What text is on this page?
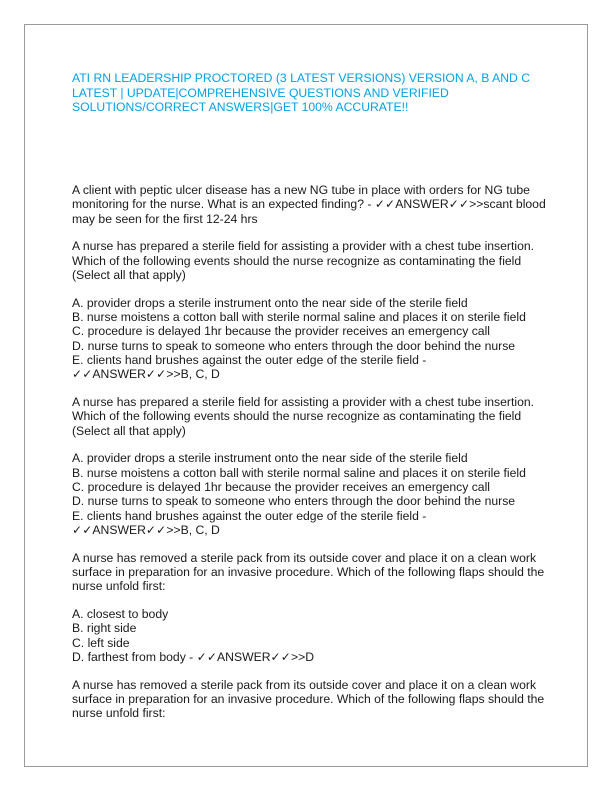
ATI RN LEADERSHIP PROCTORED (3 LATEST VERSIONS) VERSION A, B AND C
LATEST | UPDATE|COMPREHENSIVE QUESTIONS AND VERIFIED
SOLUTIONS/CORRECT ANSWERS|GET 100% ACCURATE!!

A client with peptic ulcer disease has a new NG tube in place with orders for NG tube
monitoring for the nurse. What is an expected finding? - ✓✓ANSWER✓✓>>scant blood
may be seen for the first 12-24 hrs

A nurse has prepared a sterile field for assisting a provider with a chest tube insertion.
Which of the following events should the nurse recognize as contaminating the field
(Select all that apply)

A. provider drops a sterile instrument onto the near side of the sterile field
B. nurse moistens a cotton ball with sterile normal saline and places it on sterile field
C. procedure is delayed 1hr because the provider receives an emergency call
D. nurse turns to speak to someone who enters through the door behind the nurse
E. clients hand brushes against the outer edge of the sterile field -
✓✓ANSWER✓✓>>B, C, D

A nurse has prepared a sterile field for assisting a provider with a chest tube insertion.
Which of the following events should the nurse recognize as contaminating the field
(Select all that apply)

A. provider drops a sterile instrument onto the near side of the sterile field
B. nurse moistens a cotton ball with sterile normal saline and places it on sterile field
C. procedure is delayed 1hr because the provider receives an emergency call
D. nurse turns to speak to someone who enters through the door behind the nurse
E. clients hand brushes against the outer edge of the sterile field -
✓✓ANSWER✓✓>>B, C, D

A nurse has removed a sterile pack from its outside cover and place it on a clean work
surface in preparation for an invasive procedure. Which of the following flaps should the
nurse unfold first:

A. closest to body
B. right side
C. left side
D. farthest from body - ✓✓ANSWER✓✓>>D

A nurse has removed a sterile pack from its outside cover and place it on a clean work
surface in preparation for an invasive procedure. Which of the following flaps should the
nurse unfold first:
